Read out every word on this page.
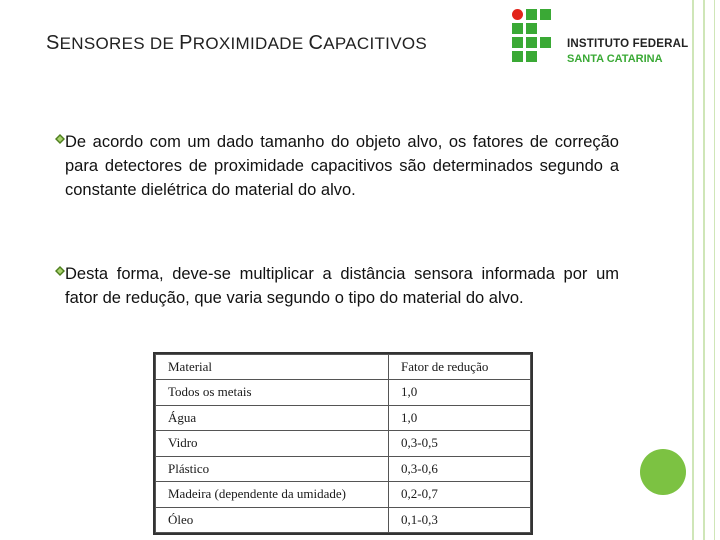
SENSORES DE PROXIMIDADE CAPACITIVOS	INSTITUTO FEDERAL
SANTA CATARINA
De acordo com um dado tamanho do objeto alvo, os fatores de correção para detectores de proximidade capacitivos são determinados segundo a constante dielétrica do material do alvo.
Desta forma, deve-se multiplicar a distância sensora informada por um fator de redução, que varia segundo o tipo do material do alvo.
Material	Fator de redução
Todos os metais	1,0
Água	1,0
Vidro	0,3-0,5
Plástico	0,3-0,6
Madeira (dependente da umidade)	0,2-0,7
Óleo	0,1-0,3
